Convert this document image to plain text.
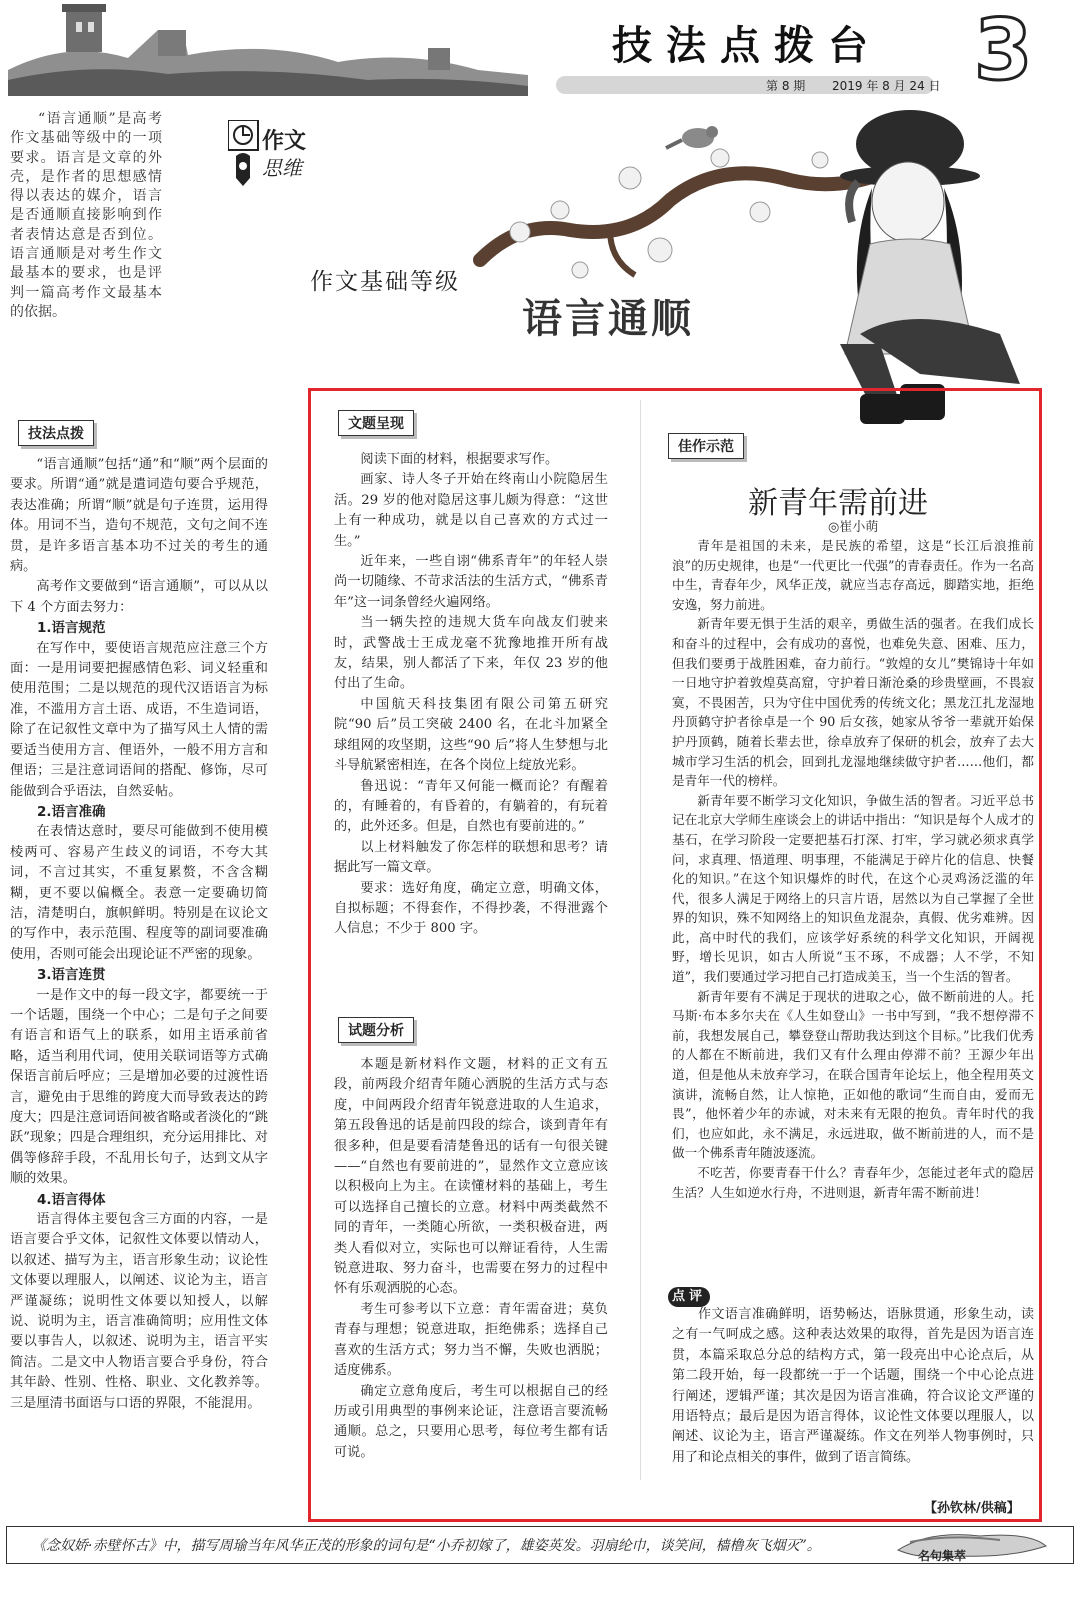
技法点拨台
第 8 期 2019 年 8 月 24 日 3
“语言通顺”是高考作文基础等级中的一项要求。语言是文章的外壳，是作者的思想感情得以表达的媒介，语言是否通顺直接影响到作者表情达意是否到位。语言通顺是对考生作文最基本的要求，也是评判一篇高考作文最基本的依据。
作文
思维
作文基础等级
语言通顺
技法点拨

“语言通顺”包括“通”和“顺”两个层面的要求。所谓“通”就是遣词造句要合乎规范，表达准确；所谓“顺”就是句子连贯，运用得体。用词不当，造句不规范，文句之间不连贯，是许多语言基本功不过关的考生的通病。

高考作文要做到“语言通顺”，可以从以下 4 个方面去努力：

1.语言规范

在写作中，要使语言规范应注意三个方面：一是用词要把握感情色彩、词义轻重和使用范围；二是以规范的现代汉语语言为标准，不滥用方言土语、成语，不生造词语，除了在记叙性文章中为了描写风土人情的需要适当使用方言、俚语外，一般不用方言和俚语；三是注意词语间的搭配、修饰，尽可能做到合乎语法，自然妥帖。

2.语言准确

在表情达意时，要尽可能做到不使用模棱两可、容易产生歧义的词语，不夸大其词，不言过其实，不重复累赘，不含含糊糊，更不要以偏概全。表意一定要确切简洁，清楚明白，旗帜鲜明。特别是在议论文的写作中，表示范围、程度等的副词要准确使用，否则可能会出现论证不严密的现象。

3.语言连贯

一是作文中的每一段文字，都要统一于一个话题，围绕一个中心；二是句子之间要有语言和语气上的联系，如用主语承前省略，适当利用代词，使用关联词语等方式确保语言前后呼应；三是增加必要的过渡性语言，避免由于思维的跨度大而导致表达的跨度大；四是注意词语间被省略或者淡化的“跳跃”现象；四是合理组织，充分运用排比、对偶等修辞手段，不乱用长句子，达到文从字顺的效果。

4.语言得体

语言得体主要包含三方面的内容，一是语言要合乎文体，记叙性文体要以情动人，以叙述、描写为主，语言形象生动；议论性文体要以理服人，以阐述、议论为主，语言严谨凝练；说明性文体要以知授人，以解说、说明为主，语言准确简明；应用性文体要以事告人，以叙述、说明为主，语言平实简洁。二是文中人物语言要合乎身份，符合其年龄、性别、性格、职业、文化教养等。三是厘清书面语与口语的界限，不能混用。

文题呈现

阅读下面的材料，根据要求写作。

画家、诗人冬子开始在终南山小院隐居生活。29 岁的他对隐居这事儿颇为得意：“这世上有一种成功，就是以自己喜欢的方式过一生。”

近年来，一些自诩“佛系青年”的年轻人崇尚一切随缘、不苛求活法的生活方式，“佛系青年”这一词条曾经火遍网络。

当一辆失控的违规大货车向战友们驶来时，武警战士王成龙毫不犹豫地推开所有战友，结果，别人都活了下来，年仅 23 岁的他付出了生命。

中国航天科技集团有限公司第五研究院“90 后”员工突破 2400 名，在北斗加紧全球组网的攻坚期，这些“90 后”将人生梦想与北斗导航紧密相连，在各个岗位上绽放光彩。

鲁迅说：“青年又何能一概而论？有醒着的，有睡着的，有昏着的，有躺着的，有玩着的，此外还多。但是，自然也有要前进的。”

以上材料触发了你怎样的联想和思考？请据此写一篇文章。

要求：选好角度，确定立意，明确文体，自拟标题；不得套作，不得抄袭，不得泄露个人信息；不少于 800 字。

试题分析

本题是新材料作文题，材料的正文有五段，前两段介绍青年随心洒脱的生活方式与态度，中间两段介绍青年锐意进取的人生追求，第五段鲁迅的话是前四段的综合，谈到青年有很多种，但是要看清楚鲁迅的话有一句很关键——“自然也有要前进的”，显然作文立意应该以积极向上为主。在读懂材料的基础上，考生可以选择自己擅长的立意。材料中两类截然不同的青年，一类随心所欲，一类积极奋进，两类人看似对立，实际也可以辩证看待，人生需锐意进取、努力奋斗，也需要在努力的过程中怀有乐观洒脱的心态。

考生可参考以下立意：青年需奋进；莫负青春与理想；锐意进取，拒绝佛系；选择自己喜欢的生活方式；努力当不懈，失败也洒脱；适度佛系。

确定立意角度后，考生可以根据自己的经历或引用典型的事例来论证，注意语言要流畅通顺。总之，只要用心思考，每位考生都有话可说。

佳作示范
新青年需前进
◎崔小萌

青年是祖国的未来，是民族的希望，这是“长江后浪推前浪”的历史规律，也是“一代更比一代强”的青春责任。作为一名高中生，青春年少，风华正茂，就应当志存高远，脚踏实地，拒绝安逸，努力前进。

新青年要无惧于生活的艰辛，勇做生活的强者。在我们成长和奋斗的过程中，会有成功的喜悦，也难免失意、困难、压力，但我们要勇于战胜困难，奋力前行。“敦煌的女儿”樊锦诗十年如一日地守护着敦煌莫高窟，守护着日渐沧桑的珍贵壁画，不畏寂寞，不畏困苦，只为守住中国优秀的传统文化；黑龙江扎龙湿地丹顶鹤守护者徐卓是一个 90 后女孩，她家从爷爷一辈就开始保护丹顶鹤，随着长辈去世，徐卓放弃了保研的机会，放弃了去大城市学习生活的机会，回到扎龙湿地继续做守护者……他们，都是青年一代的榜样。

新青年要不断学习文化知识，争做生活的智者。习近平总书记在北京大学师生座谈会上的讲话中指出：“知识是每个人成才的基石，在学习阶段一定要把基石打深、打牢，学习就必须求真学问，求真理、悟道理、明事理，不能满足于碎片化的信息、快餐化的知识。”在这个知识爆炸的时代，在这个心灵鸡汤泛滥的年代，很多人满足于网络上的只言片语，居然以为自己掌握了全世界的知识，殊不知网络上的知识鱼龙混杂，真假、优劣难辨。因此，高中时代的我们，应该学好系统的科学文化知识，开阔视野，增长见识，如古人所说“玉不琢，不成器；人不学，不知道”，我们要通过学习把自己打造成美玉，当一个生活的智者。

新青年要有不满足于现状的进取之心，做不断前进的人。托马斯·布本多尔夫在《人生如登山》一书中写到，“我不想停滞不前，我想发展自己，攀登登山帮助我达到这个目标。”比我们优秀的人都在不断前进，我们又有什么理由停滞不前？王源少年出道，但是他从未放弃学习，在联合国青年论坛上，他全程用英文演讲，流畅自然，让人惊艳，正如他的歌词“生而自由，爱而无畏”，他怀着少年的赤诚，对未来有无限的抱负。青年时代的我们，也应如此，永不满足，永远进取，做不断前进的人，而不是做一个佛系青年随波逐流。

不吃苦，你要青春干什么？青春年少，怎能过老年式的隐居生活？人生如逆水行舟，不进则退，新青年需不断前进！

点评

作文语言准确鲜明，语势畅达，语脉贯通，形象生动，读之有一气呵成之感。这种表达效果的取得，首先是因为语言连贯，本篇采取总分总的结构方式，第一段亮出中心论点后，从第二段开始，每一段都统一于一个话题，围绕一个中心论点进行阐述，逻辑严谨；其次是因为语言准确，符合议论文严谨的用语特点；最后是因为语言得体，议论性文体要以理服人，以阐述、议论为主，语言严谨凝练。作文在列举人物事例时，只用了和论点相关的事件，做到了语言简练。

【孙钦林/供稿】
《念奴娇·赤壁怀古》中，描写周瑜当年风华正茂的形象的词句是“小乔初嫁了，雄姿英发。羽扇纶巾，谈笑间，樯橹灰飞烟灭”。
名句集萃
